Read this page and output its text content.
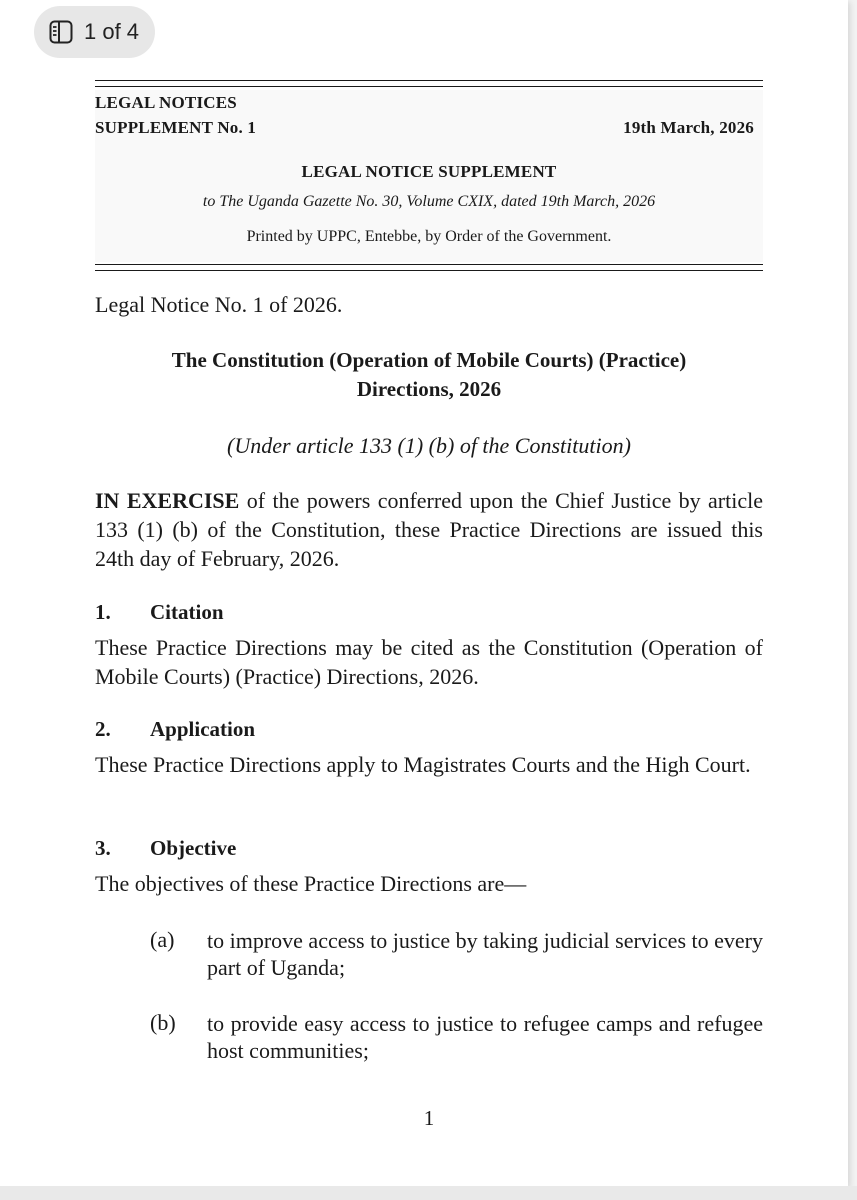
LEGAL NOTICES
SUPPLEMENT No. 1	19th March, 2026
LEGAL NOTICE SUPPLEMENT
to The Uganda Gazette No. 30, Volume CXIX, dated 19th March, 2026
Printed by UPPC, Entebbe, by Order of the Government.
Legal Notice No. 1 of 2026.
The Constitution (Operation of Mobile Courts) (Practice)
Directions, 2026
(Under article 133 (1) (b) of the Constitution)
IN EXERCISE of the powers conferred upon the Chief Justice by article 133 (1) (b) of the Constitution, these Practice Directions are issued this 24th day of February, 2026.
1. Citation
These Practice Directions may be cited as the Constitution (Operation of Mobile Courts) (Practice) Directions, 2026.
2. Application
These Practice Directions apply to Magistrates Courts and the High Court.
3. Objective
The objectives of these Practice Directions are—
(a) to improve access to justice by taking judicial services to every part of Uganda;
(b) to provide easy access to justice to refugee camps and refugee host communities;
1
1 of 4
